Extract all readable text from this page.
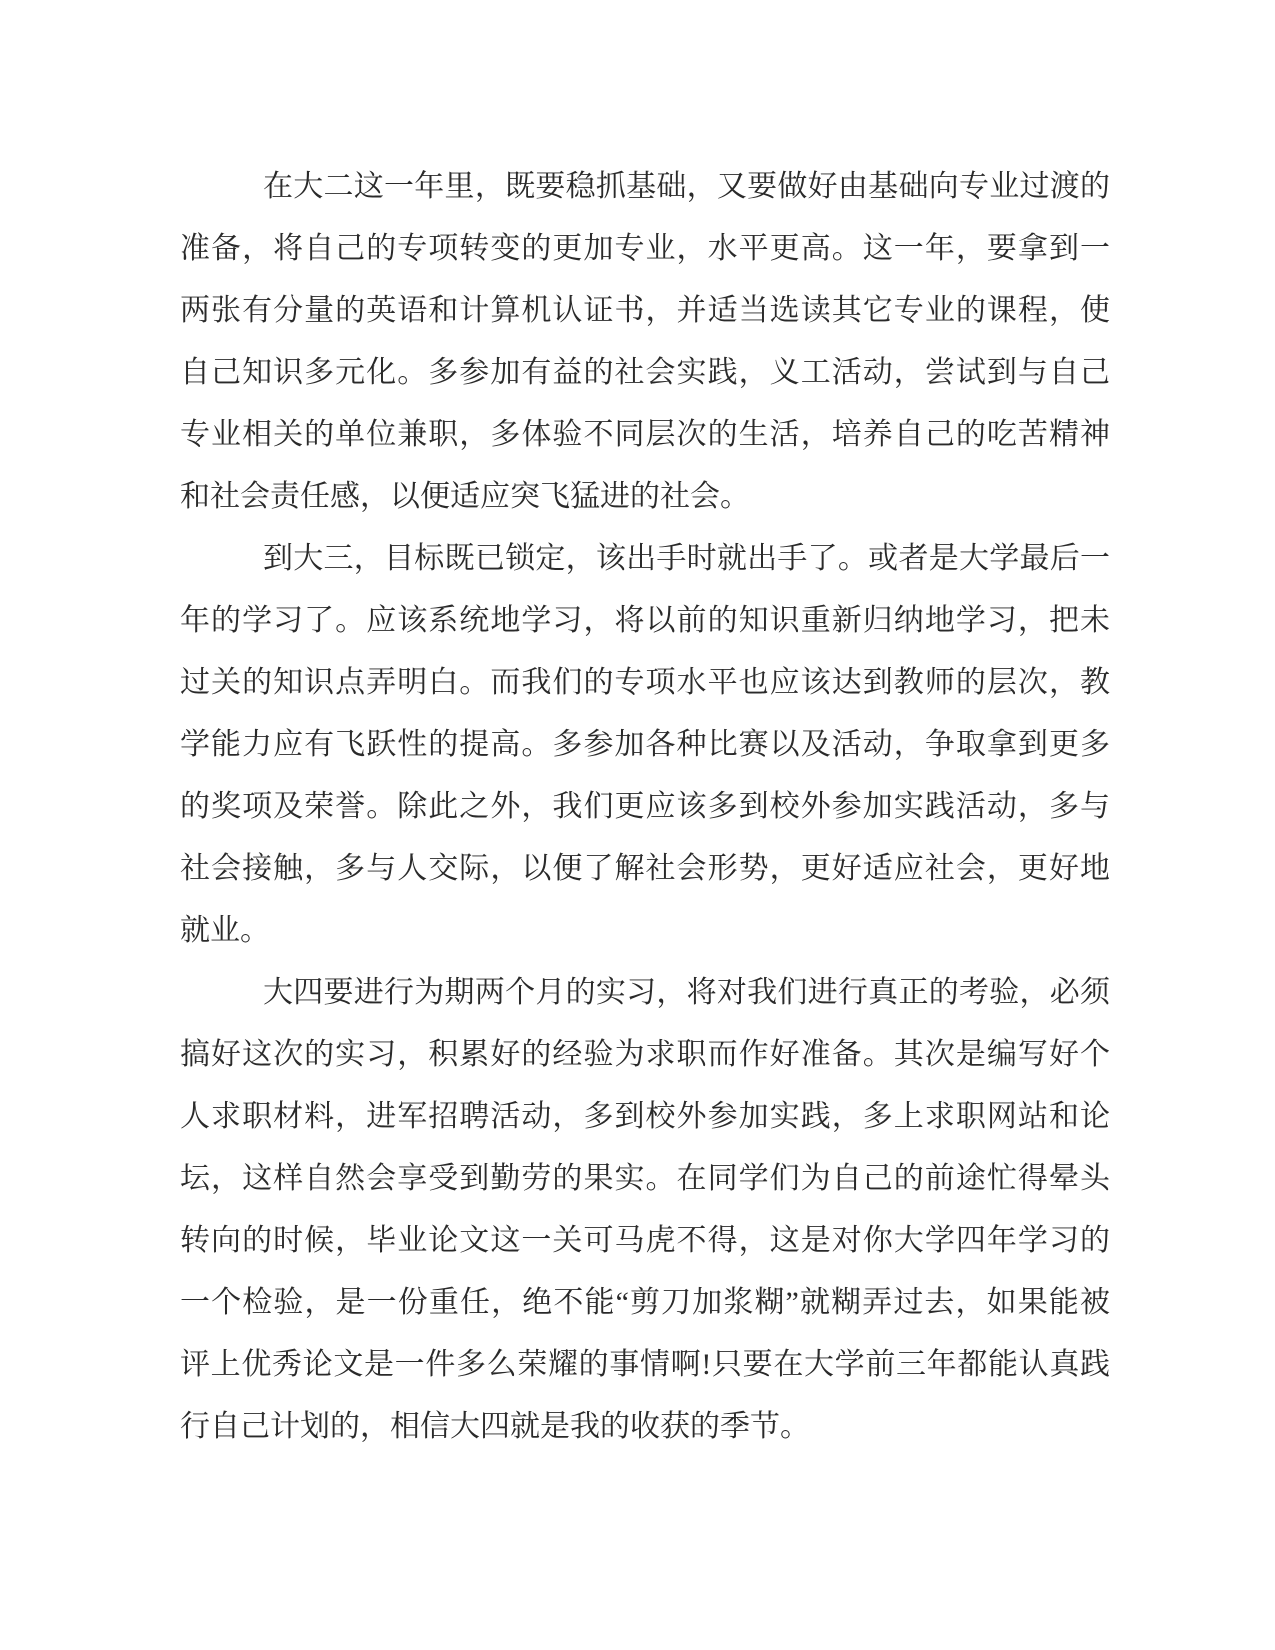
在大二这一年里，既要稳抓基础，又要做好由基础向专业过渡的
准备，将自己的专项转变的更加专业，水平更高。这一年，要拿到一
两张有分量的英语和计算机认证书，并适当选读其它专业的课程，使
自己知识多元化。多参加有益的社会实践，义工活动，尝试到与自己
专业相关的单位兼职，多体验不同层次的生活，培养自己的吃苦精神
和社会责任感，以便适应突飞猛进的社会。
到大三，目标既已锁定，该出手时就出手了。或者是大学最后一
年的学习了。应该系统地学习，将以前的知识重新归纳地学习，把未
过关的知识点弄明白。而我们的专项水平也应该达到教师的层次，教
学能力应有飞跃性的提高。多参加各种比赛以及活动，争取拿到更多
的奖项及荣誉。除此之外，我们更应该多到校外参加实践活动，多与
社会接触，多与人交际，以便了解社会形势，更好适应社会，更好地
就业。
大四要进行为期两个月的实习，将对我们进行真正的考验，必须
搞好这次的实习，积累好的经验为求职而作好准备。其次是编写好个
人求职材料，进军招聘活动，多到校外参加实践，多上求职网站和论
坛，这样自然会享受到勤劳的果实。在同学们为自己的前途忙得晕头
转向的时候，毕业论文这一关可马虎不得，这是对你大学四年学习的
一个检验，是一份重任，绝不能“剪刀加浆糊”就糊弄过去，如果能被
评上优秀论文是一件多么荣耀的事情啊!只要在大学前三年都能认真践
行自己计划的，相信大四就是我的收获的季节。
